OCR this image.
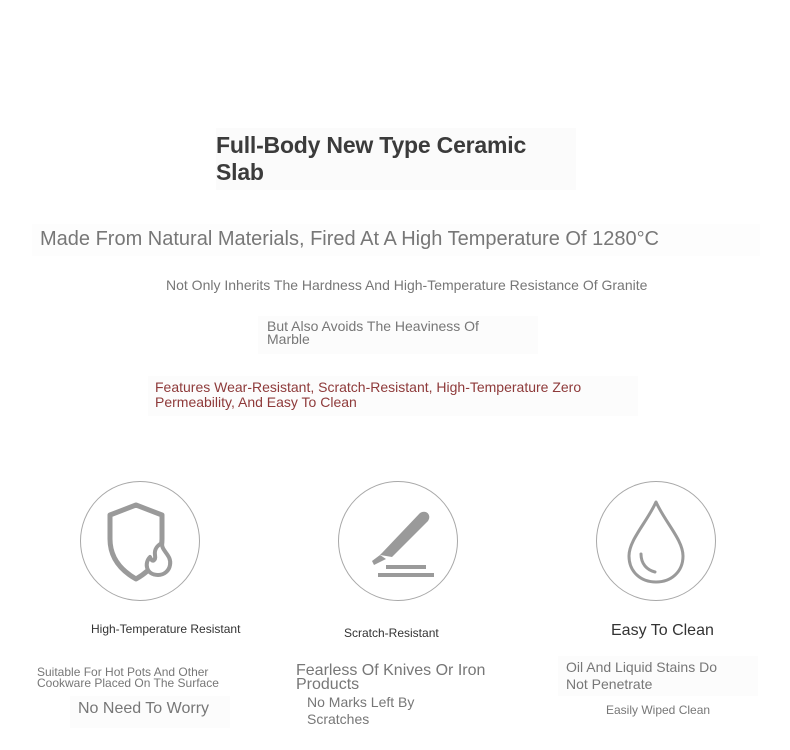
Full-Body New Type Ceramic Slab
Made From Natural Materials, Fired At A High Temperature Of 1280°C
Not Only Inherits The Hardness And High-Temperature Resistance Of Granite
But Also Avoids The Heaviness Of
Marble
Features Wear-Resistant, Scratch-Resistant, High-Temperature Zero Permeability, And Easy To Clean
High-Temperature Resistant
Suitable For Hot Pots And Other
Cookware Placed On The Surface
No Need To Worry
Scratch-Resistant
Fearless Of Knives Or Iron
Products
No Marks Left By
Scratches
Easy To Clean
Oil And Liquid Stains Do
Not Penetrate
Easily Wiped Clean
